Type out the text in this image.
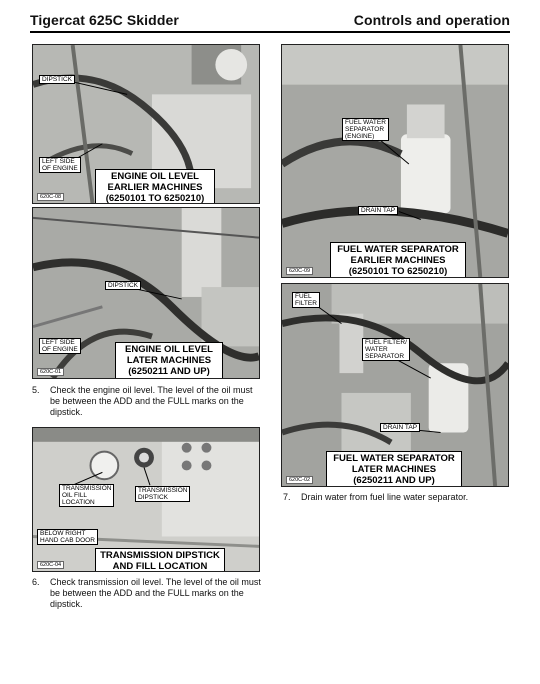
Tigercat 625C Skidder	Controls and operation
DIPSTICK
LEFT SIDE
OF ENGINE
ENGINE OIL LEVEL
EARLIER MACHINES
(6250101 TO 6250210)
620C-08
DIPSTICK
LEFT SIDE
OF ENGINE	ENGINE OIL LEVEL
LATER MACHINES
(6250211 AND UP)
620C-01
5. Check the engine oil level. The level of the oil must be between the ADD and the FULL marks on the dipstick.
TRANSMISSION
OIL FILL
LOCATION
TRANSMISSION
DIPSTICK
BELOW RIGHT
HAND CAB DOOR
TRANSMISSION DIPSTICK
AND FILL LOCATION
620C-04
6. Check transmission oil level. The level of the oil must be between the ADD and the FULL marks on the dipstick.
FUEL WATER
SEPARATOR
(ENGINE)
DRAIN TAP
FUEL WATER SEPARATOR
EARLIER MACHINES
(6250101 TO 6250210)
620C-09
FUEL
FILTER
FUEL FILTER/
WATER
SEPARATOR
DRAIN TAP
FUEL WATER SEPARATOR
LATER MACHINES
(6250211 AND UP)
620C-02
7. Drain water from fuel line water separator.
